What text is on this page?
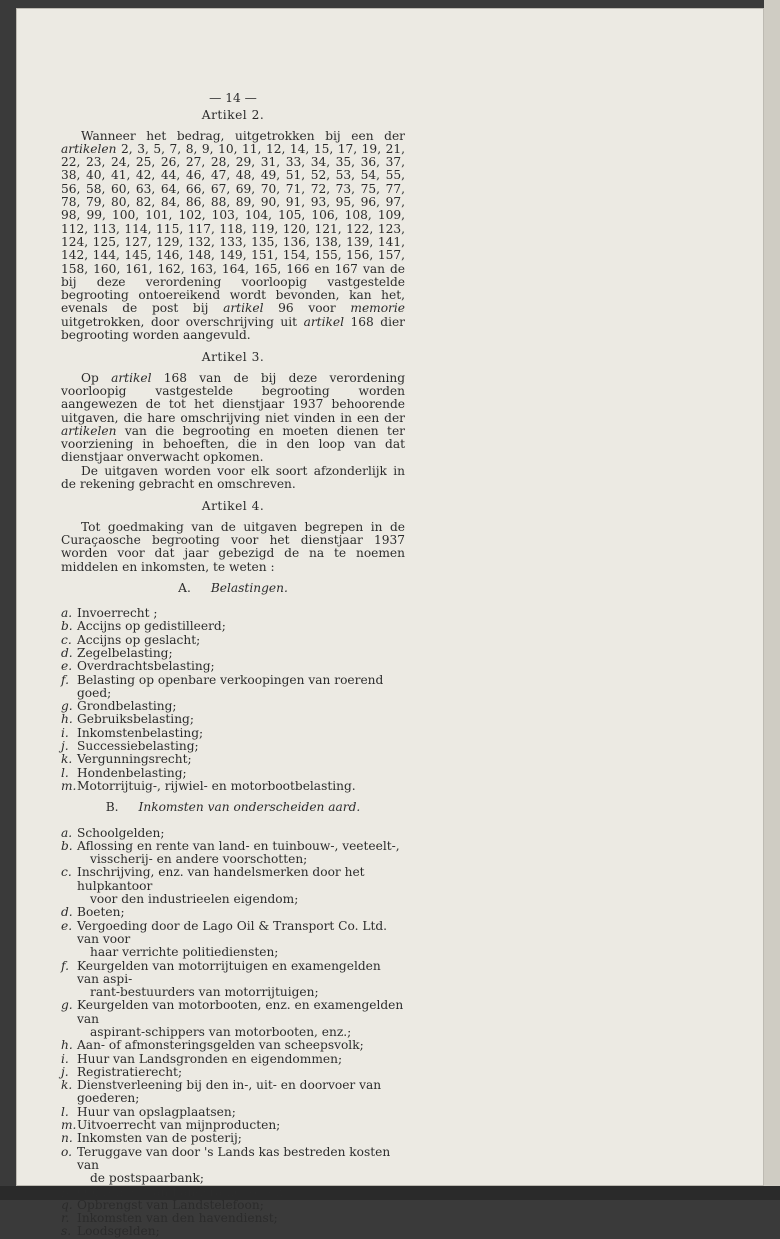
— 14 —
Artikel 2.

Wanneer het bedrag, uitgetrokken bij een der artikelen 2, 3, 5, 7, 8, 9, 10, 11, 12, 14, 15, 17, 19, 21, 22, 23, 24, 25, 26, 27, 28, 29, 31, 33, 34, 35, 36, 37, 38, 40, 41, 42, 44, 46, 47, 48, 49, 51, 52, 53, 54, 55, 56, 58, 60, 63, 64, 66, 67, 69, 70, 71, 72, 73, 75, 77, 78, 79, 80, 82, 84, 86, 88, 89, 90, 91, 93, 95, 96, 97, 98, 99, 100, 101, 102, 103, 104, 105, 106, 108, 109, 112, 113, 114, 115, 117, 118, 119, 120, 121, 122, 123, 124, 125, 127, 129, 132, 133, 135, 136, 138, 139, 141, 142, 144, 145, 146, 148, 149, 151, 154, 155, 156, 157, 158, 160, 161, 162, 163, 164, 165, 166 en 167 van de bij deze verordening voorloopig vastgestelde begrooting ontoereikend wordt bevonden, kan het, evenals de post bij artikel 96 voor memorie uitgetrokken, door overschrijving uit artikel 168 dier begrooting worden aangevuld.

Artikel 3.

Op artikel 168 van de bij deze verordening voorloopig vastgestelde begrooting worden aangewezen de tot het dienstjaar 1937 behoorende uitgaven, die hare omschrijving niet vinden in een der artikelen van die begrooting en moeten dienen ter voorziening in behoeften, die in den loop van dat dienstjaar onverwacht opkomen.

De uitgaven worden voor elk soort afzonderlijk in de rekening gebracht en omschreven.

Artikel 4.

Tot goedmaking van de uitgaven begrepen in de Curaçaosche begrooting voor het dienstjaar 1937 worden voor dat jaar gebezigd de na te noemen middelen en inkomsten, te weten :

A. Belastingen.
a. Invoerrecht ;
b. Accijns op gedistilleerd;
c. Accijns op geslacht;
d. Zegelbelasting;
e. Overdrachtsbelasting;
f. Belasting op openbare verkoopingen van roerend goed;
g. Grondbelasting;
h. Gebruiksbelasting;
i. Inkomstenbelasting;
j. Successiebelasting;
k. Vergunningsrecht;
l. Hondenbelasting;
m. Motorrijtuig-, rijwiel- en motorbootbelasting.
B. Inkomsten van onderscheiden aard.
a. Schoolgelden;
b. Aflossing en rente van land- en tuinbouw-, veeteelt-,
visscherij- en andere voorschotten;
c. Inschrijving, enz. van handelsmerken door het hulpkantoor
voor den industrieelen eigendom;
d. Boeten;
e. Vergoeding door de Lago Oil & Transport Co. Ltd. van voor
haar verrichte politiediensten;
f. Keurgelden van motorrijtuigen en examengelden van aspi-
rant-bestuurders van motorrijtuigen;
g. Keurgelden van motorbooten, enz. en examengelden van
aspirant-schippers van motorbooten, enz.;
h. Aan- of afmonsteringsgelden van scheepsvolk;
i. Huur van Landsgronden en eigendommen;
j. Registratierecht;
k. Dienstverleening bij den in-, uit- en doorvoer van goederen;
l. Huur van opslagplaatsen;
m. Uitvoerrecht van mijnproducten;
n. Inkomsten van de posterij;
o. Teruggave van door 's Lands kas bestreden kosten van
de postspaarbank;
p. Opbrengst van Landsradioposten;
q. Opbrengst van Landstelefoon;
r. Inkomsten van den havendienst;
s. Loodsgelden;
